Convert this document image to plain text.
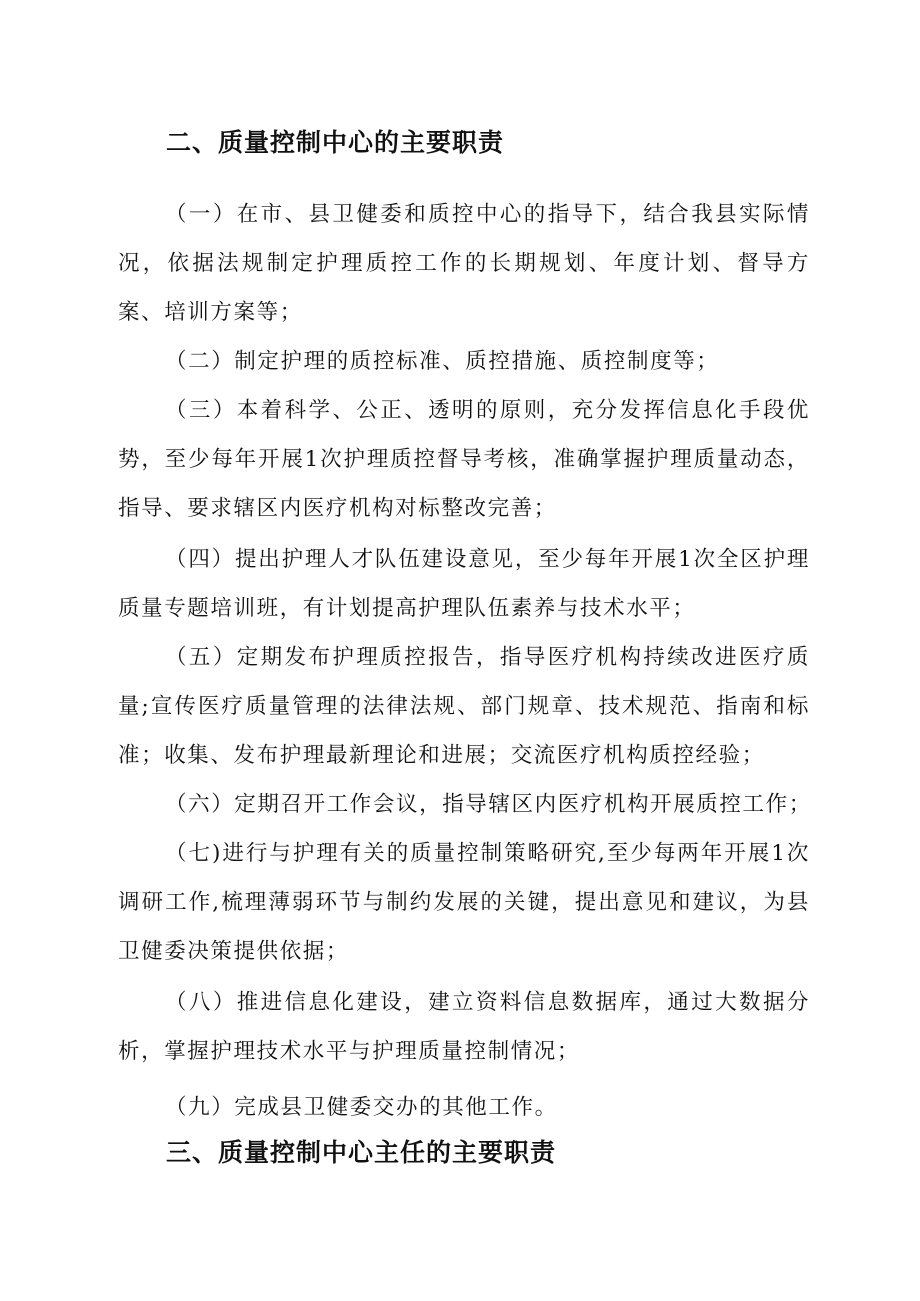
二、质量控制中心的主要职责

（一）在市、县卫健委和质控中心的指导下，结合我县实际情况，依据法规制定护理质控工作的长期规划、年度计划、督导方案、培训方案等；

（二）制定护理的质控标准、质控措施、质控制度等；

（三）本着科学、公正、透明的原则，充分发挥信息化手段优势，至少每年开展1次护理质控督导考核，准确掌握护理质量动态，指导、要求辖区内医疗机构对标整改完善；

（四）提出护理人才队伍建设意见，至少每年开展1次全区护理质量专题培训班，有计划提高护理队伍素养与技术水平；

（五）定期发布护理质控报告，指导医疗机构持续改进医疗质量;宣传医疗质量管理的法律法规、部门规章、技术规范、指南和标准；收集、发布护理最新理论和进展；交流医疗机构质控经验；

（六）定期召开工作会议，指导辖区内医疗机构开展质控工作；

（七)进行与护理有关的质量控制策略研究,至少每两年开展1次调研工作,梳理薄弱环节与制约发展的关键，提出意见和建议，为县卫健委决策提供依据；

（八）推进信息化建设，建立资料信息数据库，通过大数据分析，掌握护理技术水平与护理质量控制情况；

（九）完成县卫健委交办的其他工作。

三、质量控制中心主任的主要职责
